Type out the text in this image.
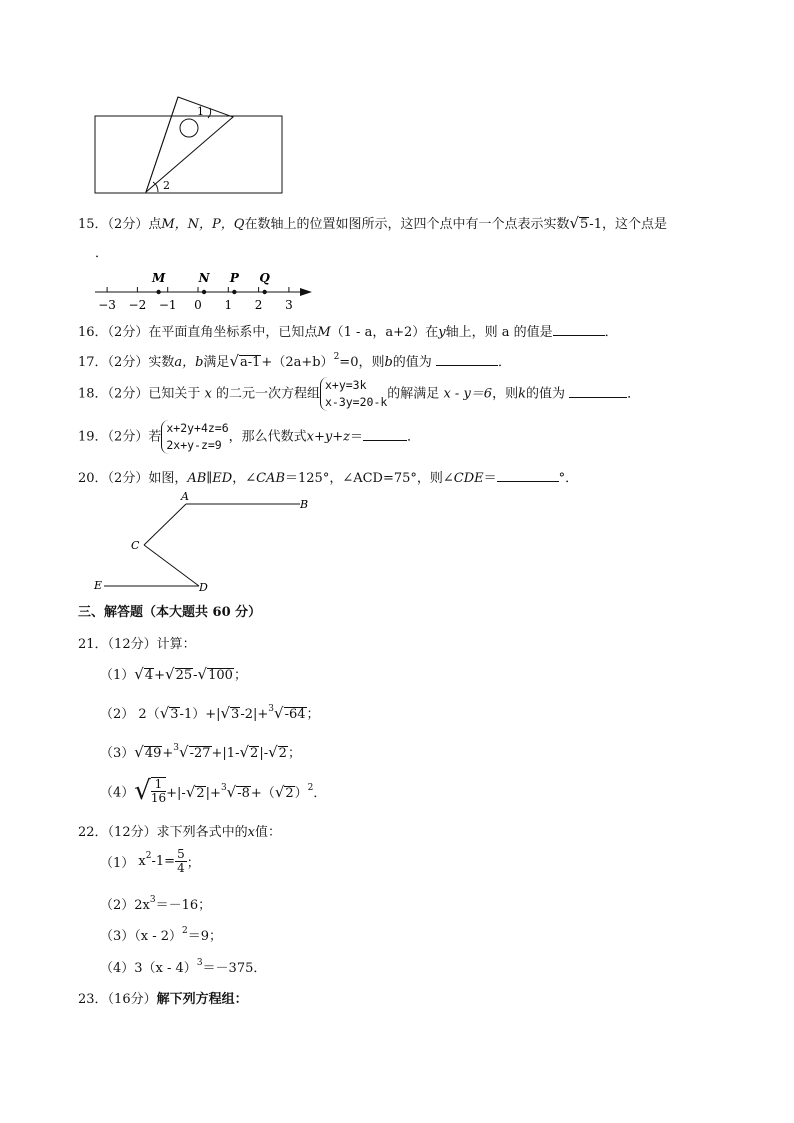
1
2
15．（2分）点M，N，P，Q在数轴上的位置如图所示，这四个点中有一个点表示实数√5-1，这个点是
．
−3 −2 −1 0 1 2 3
M	N P Q
16．（2分）在平面直角坐标系中，已知点M（1 - a，a+2）在y轴上，则 a 的值是	．
17．（2分）实数a，b满足$√a-1+(2a+b)^2=0$，则b的值为	．
18．（2分）已知关于 x 的二元一次方程组x+y=3k
x-3y=20-k的解满足 x - y＝6，则k的值为	．
19．（2分）若x+2y+4z=6
2x+y-z=9，那么代数式x+y+z＝	．
20．（2分）如图，AB∥ED，∠CAB＝125°，∠ACD=75°，则∠CDE＝	°．
A
B
C
D
E
三、解答题（本大题共 60 分）
21．（12分）计算：
（1）√4+√25-√100；
（2） 2（√3-1）+|√3-2|+$^3$√-64；
（3）√49+$^3$√-27+|1-√2|-√2；
$(4)√ \frac{1}{16}+|-√2|+^3√-8+(√2)^2$．
22．（12分）求下列各式中的x值：
（1） $x^2-1= \frac{5}{4}$；
$(2)2x^3=-16$；
（3）（x - 2）$^2$＝9；
（4）3（x - 4）$^3$＝－375．
23．（16分）解下列方程组：
